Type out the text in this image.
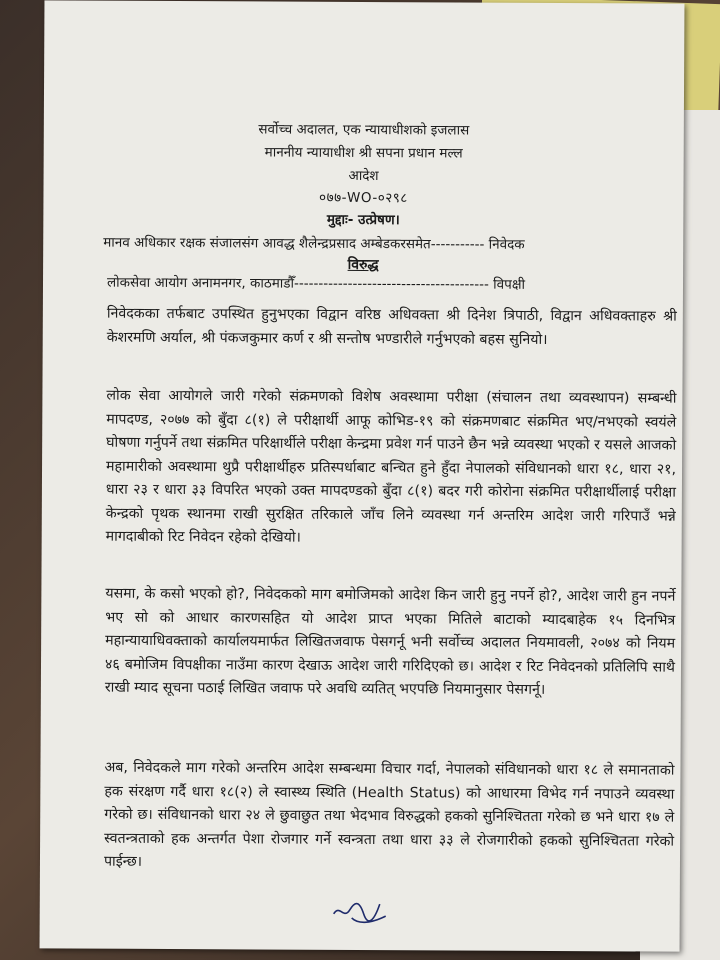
सर्वोच्च अदालत, एक न्यायाधीशको इजलास
माननीय न्यायाधीश श्री सपना प्रधान मल्ल
आदेश
०७७-WO-०२९८
मुद्दाः- उत्प्रेषण।
मानव अधिकार रक्षक संजालसंग आवद्ध शैलेन्द्रप्रसाद अम्बेडकरसमेत----------- निवेदक
विरुद्ध
लोकसेवा आयोग अनामनगर, काठमाडौँ---------------------------------------- विपक्षी
निवेदकका तर्फबाट उपस्थित हुनुभएका विद्वान वरिष्ठ अधिवक्ता श्री दिनेश त्रिपाठी, विद्वान अधिवक्ताहरु श्री केशरमणि अर्याल, श्री पंकजकुमार कर्ण र श्री सन्तोष भण्डारीले गर्नुभएको बहस सुनियो।
लोक सेवा आयोगले जारी गरेको संक्रमणको विशेष अवस्थामा परीक्षा (संचालन तथा व्यवस्थापन) सम्बन्धी मापदण्ड, २०७७ को बुँदा ८(१) ले परीक्षार्थी आफू कोभिड-१९ को संक्रमणबाट संक्रमित भए/नभएको स्वयंले घोषणा गर्नुपर्ने तथा संक्रमित परिक्षार्थीले परीक्षा केन्द्रमा प्रवेश गर्न पाउने छैन भन्ने व्यवस्था भएको र यसले आजको महामारीको अवस्थामा थुप्रै परीक्षार्थीहरु प्रतिस्पर्धाबाट बन्चित हुने हुँदा नेपालको संविधानको धारा १८, धारा २१, धारा २३ र धारा ३३ विपरित भएको उक्त मापदण्डको बुँदा ८(१) बदर गरी कोरोना संक्रमित परीक्षार्थीलाई परीक्षा केन्द्रको पृथक स्थानमा राखी सुरक्षित तरिकाले जाँच लिने व्यवस्था गर्न अन्तरिम आदेश जारी गरिपाउँ भन्ने मागदाबीको रिट निवेदन रहेको देखियो।
यसमा, के कसो भएको हो?, निवेदकको माग बमोजिमको आदेश किन जारी हुनु नपर्ने हो?, आदेश जारी हुन नपर्ने भए सो को आधार कारणसहित यो आदेश प्राप्त भएका मितिले बाटाको म्यादबाहेक १५ दिनभित्र महान्यायाधिवक्ताको कार्यालयमार्फत लिखितजवाफ पेसगर्नू भनी सर्वोच्च अदालत नियमावली, २०७४ को नियम ४६ बमोजिम विपक्षीका नाउँमा कारण देखाऊ आदेश जारी गरिदिएको छ। आदेश र रिट निवेदनको प्रतिलिपि साथै राखी म्याद सूचना पठाई लिखित जवाफ परे अवधि व्यतित् भएपछि नियमानुसार पेसगर्नू।
अब, निवेदकले माग गरेको अन्तरिम आदेश सम्बन्धमा विचार गर्दा, नेपालको संविधानको धारा १८ ले समानताको हक संरक्षण गर्दै धारा १८(२) ले स्वास्थ्य स्थिति (Health Status) को आधारमा विभेद गर्न नपाउने व्यवस्था गरेको छ। संविधानको धारा २४ ले छुवाछुत तथा भेदभाव विरुद्धको हकको सुनिश्चितता गरेको छ भने धारा १७ ले स्वतन्त्रताको हक अन्तर्गत पेशा रोजगार गर्ने स्वन्त्रता तथा धारा ३३ ले रोजगारीको हकको सुनिश्चितता गरेको पाईन्छ।
